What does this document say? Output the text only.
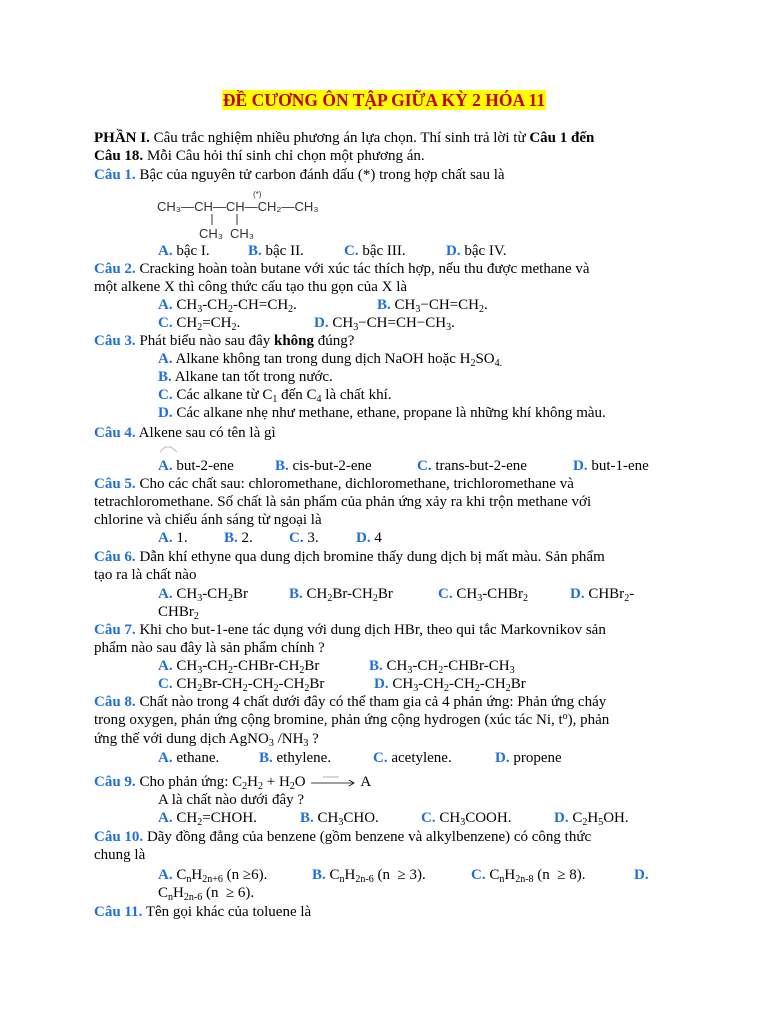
ĐỀ CƯƠNG ÔN TẬP GIỮA KỲ 2 HÓA 11
PHẦN I. Câu trắc nghiệm nhiều phương án lựa chọn. Thí sinh trả lời từ Câu 1 đến
Câu 18. Mỗi Câu hỏi thí sinh chỉ chọn một phương án.
Câu 1. Bậc của nguyên tử carbon đánh dấu (*) trong hợp chất sau là
(*)
CH₃—CH—CH—CH₂—CH₃
CH₃ CH₃
A. bậc I.	B. bậc II.	C. bậc III.	D. bậc IV.
Câu 2. Cracking hoàn toàn butane với xúc tác thích hợp, nếu thu được methane và
một alkene X thì công thức cấu tạo thu gọn của X là
A. $CH_3-CH_2-CH=CH_2$.	B. $CH_3-CH=CH_2$.
C. $CH_2=CH_2$.	D. $CH_3-CH=CH-CH_3$.
Câu 3. Phát biểu nào sau đây không đúng?
A. Alkane không tan trong dung dịch NaOH hoặc $H_2SO_{4.}$
B. Alkane tan tốt trong nước.
C. Các alkane từ $C_1$ đến $C_4$ là chất khí.
D. Các alkane nhẹ như methane, ethane, propane là những khí không màu.
Câu 4. Alkene sau có tên là gì
A. but-2-ene	B. cis-but-2-ene	C. trans-but-2-ene	D. but-1-ene
Câu 5. Cho các chất sau: chloromethane, dichloromethane, trichloromethane và
tetrachloromethane. Số chất là sản phẩm của phản ứng xảy ra khi trộn methane với
chlorine và chiếu ánh sáng từ ngoại là
A. 1. B. 2. C. 3. D. 4
Câu 6. Dẫn khí ethyne qua dung dịch bromine thấy dung dịch bị mất màu. Sản phẩm
tạo ra là chất nào
A. $CH_3-CH_2Br$	B. $CH_2Br-CH_2Br$	C. $CH_3-CHBr_2$	D. CHBr$_2$-
CHBr$_2$
Câu 7. Khi cho but-1-ene tác dụng với dung dịch HBr, theo qui tắc Markovnikov sản
phẩm nào sau đây là sản phẩm chính ?
A. $CH_3-CH_2-CHBr-CH_2Br$	B. $CH_3-CH_2-CHBr-CH_3$
C. $CH_2Br-CH_2-CH_2-CH_2Br$	D. $CH_3-CH_2-CH_2-CH_2Br$
Câu 8. Chất nào trong 4 chất dưới đây có thể tham gia cả 4 phản ứng: Phản ứng cháy
trong oxygen, phản ứng cộng bromine, phản ứng cộng hydrogen (xúc tác Ni, $t^o$), phản
ứng thế với dung dịch AgNO$_3$ $/NH_3$ ?
A. ethane.	B. ethylene.	C. acetylene.	D. propene
Câu 9. Cho phản ứng: $C_2H_2 + H_2O$	A
A là chất nào dưới đây ?
A. $CH_2=CHOH$.	B. $CH_3CHO$.	C. $CH_3COOH$.	D. $C_2H_5OH$.
Câu 10. Dãy đồng đẳng của benzene (gồm benzene và alkylbenzene) có công thức
chung là
A. $C_nH_{2n+6}$ (n ≥6).	B. $C_nH_{2n-6}$ (n  ≥ 3).	C. $C_nH_{2n-8}$ (n  ≥ 8).	D.
$C_nH_{2n-6}$ (n  ≥ 6).
Câu 11. Tên gọi khác của toluene là
